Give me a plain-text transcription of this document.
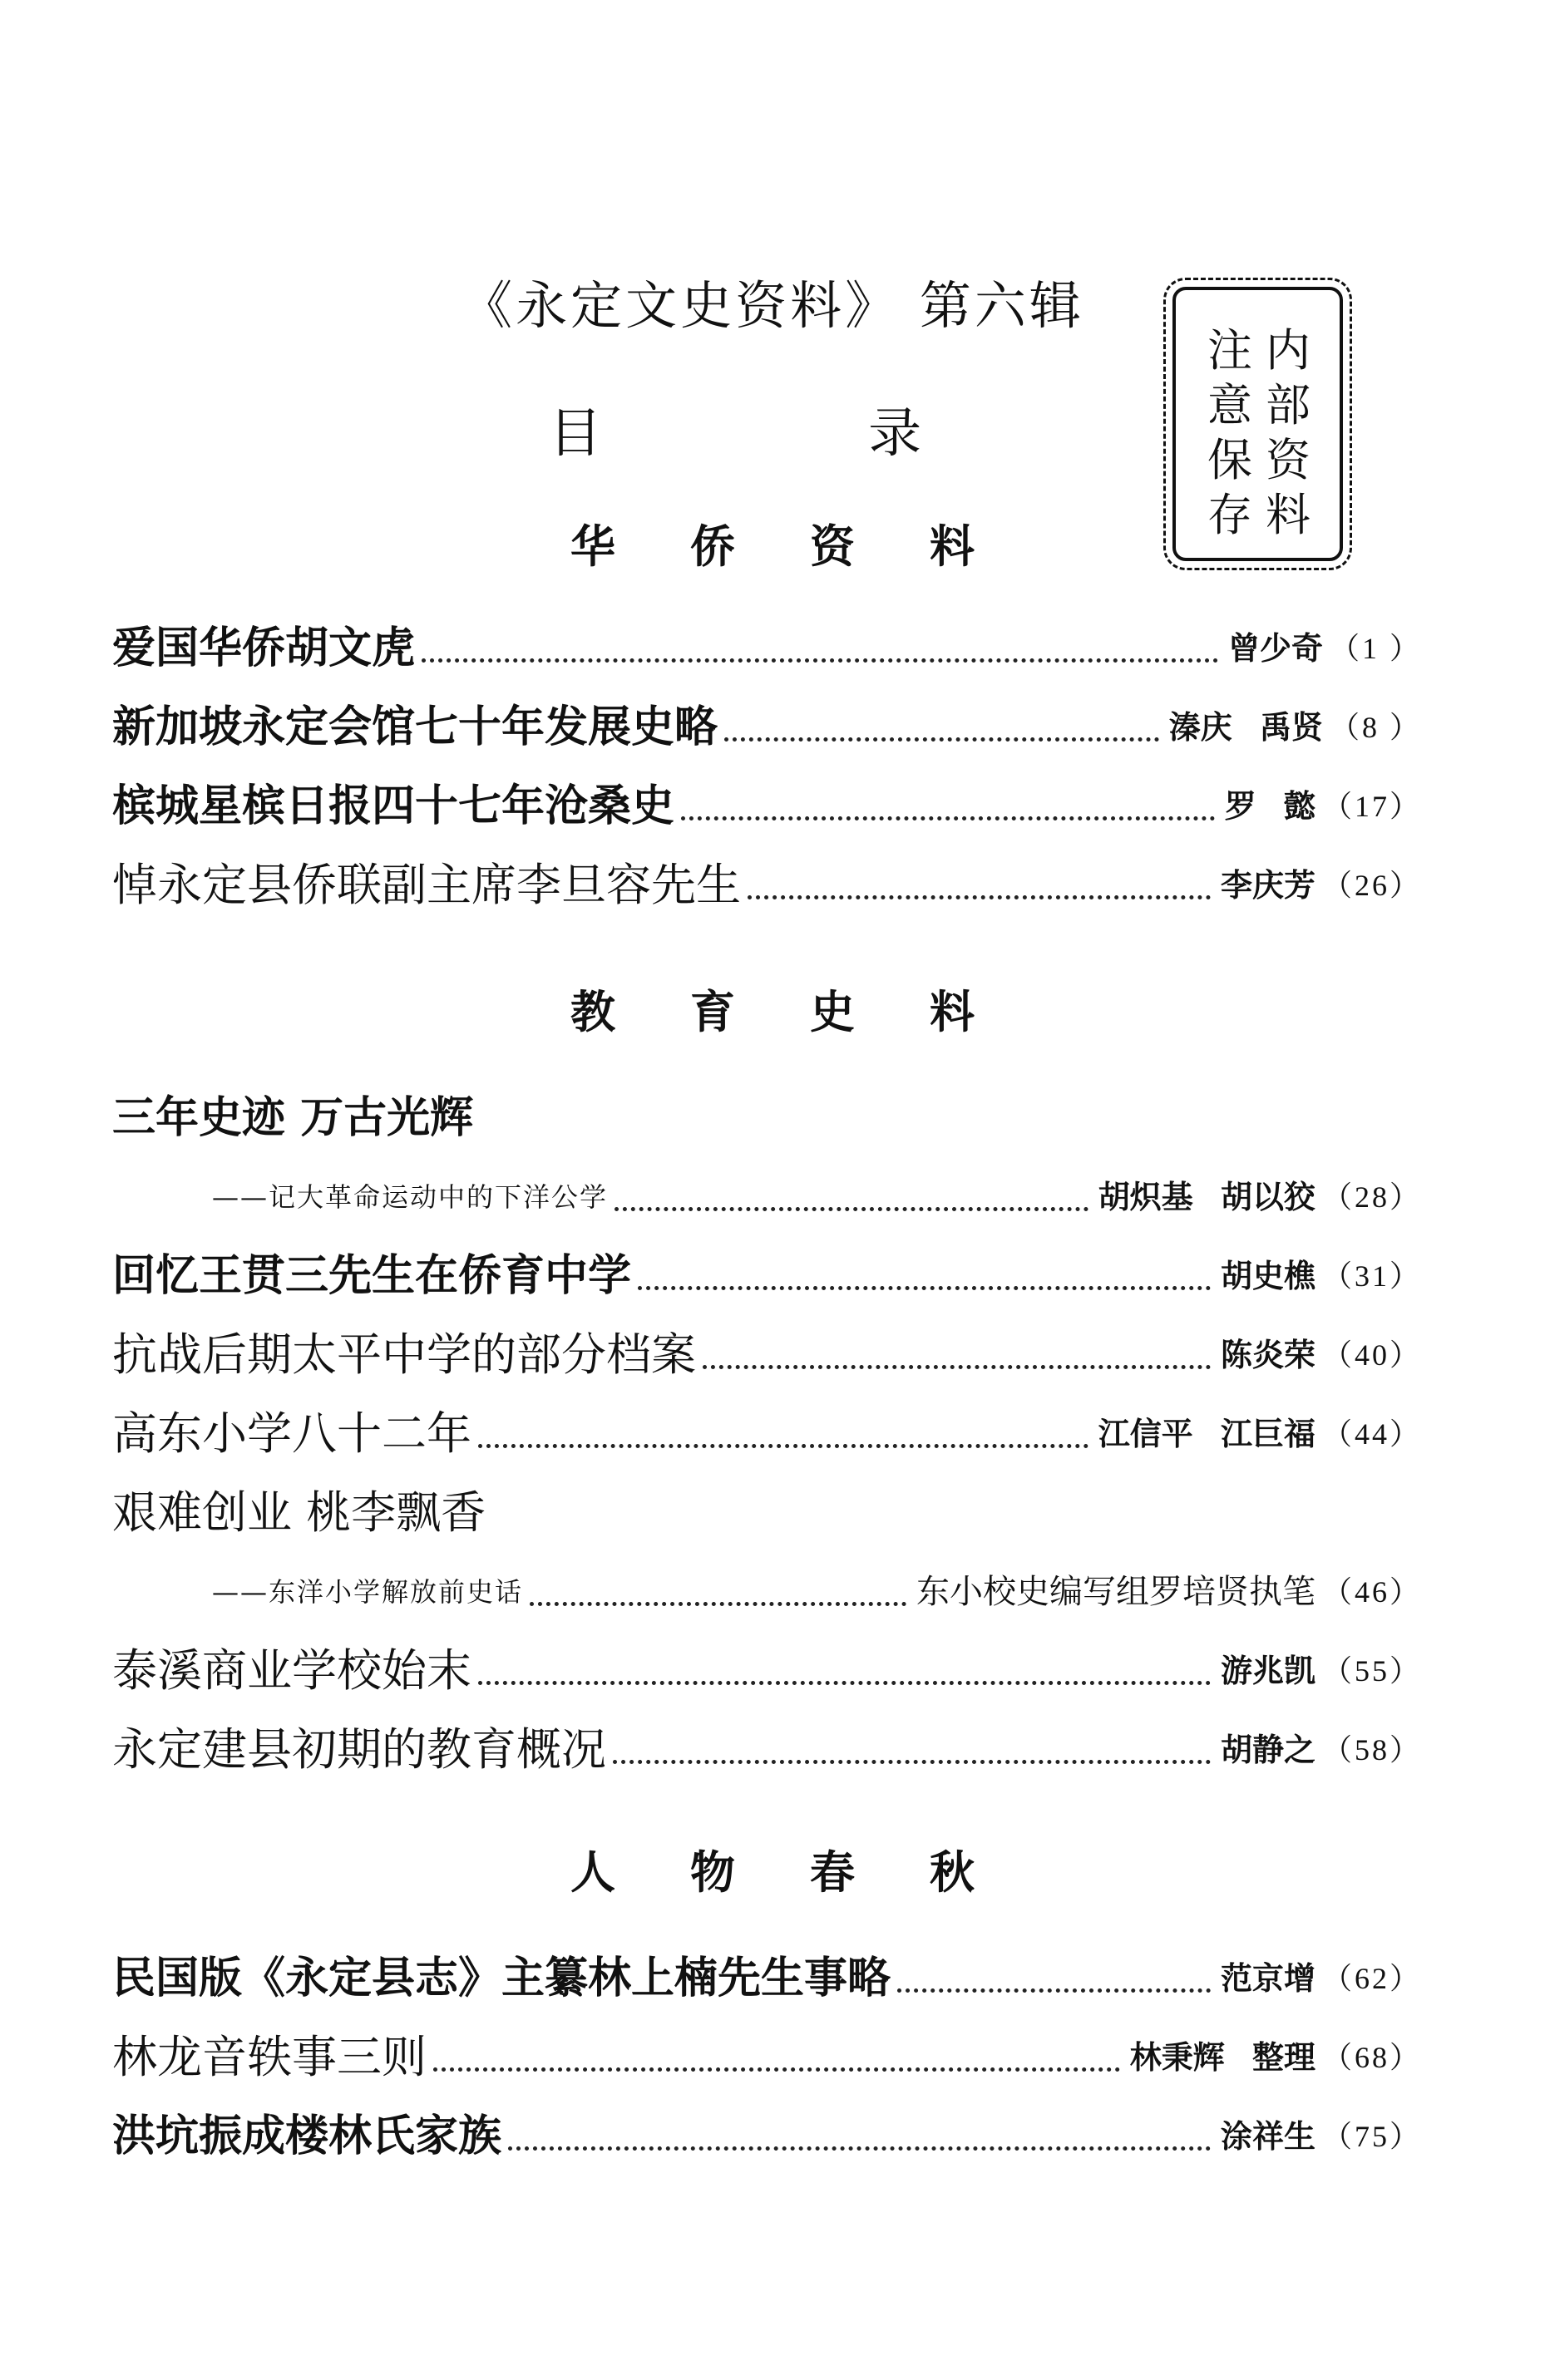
《永定文史资料》 第六辑
目 录
内
部
资
料
注
意
保
存
华侨资料
爱国华侨胡文虎	曾少奇 （1 ）
新加坡永定会馆七十年发展史略	溱庆 禹贤 （8 ）
槟城星槟日报四十七年沧桑史	罗 懿 （17）
悼永定县侨联副主席李旦容先生	李庆芳 （26）
教育史料
三年史迹 万古光辉
——记大革命运动中的下洋公学	胡炽基 胡以狡 （28）
回忆王贯三先生在侨育中学	胡史樵 （31）
抗战后期太平中学的部分档案	陈炎荣 （40）
高东小学八十二年	江信平 江巨福 （44）
艰难创业 桃李飘香
——东洋小学解放前史话	东小校史编写组罗培贤执笔 （46）
泰溪商业学校始末	游兆凯 （55）
永定建县初期的教育概况	胡静之 （58）
人物春秋
民国版《永定县志》主纂林上楠先生事略	范京增 （62）
林龙音轶事三则	林秉辉 整理 （68）
洪坑振成楼林氏家族	涂祥生 （75）
